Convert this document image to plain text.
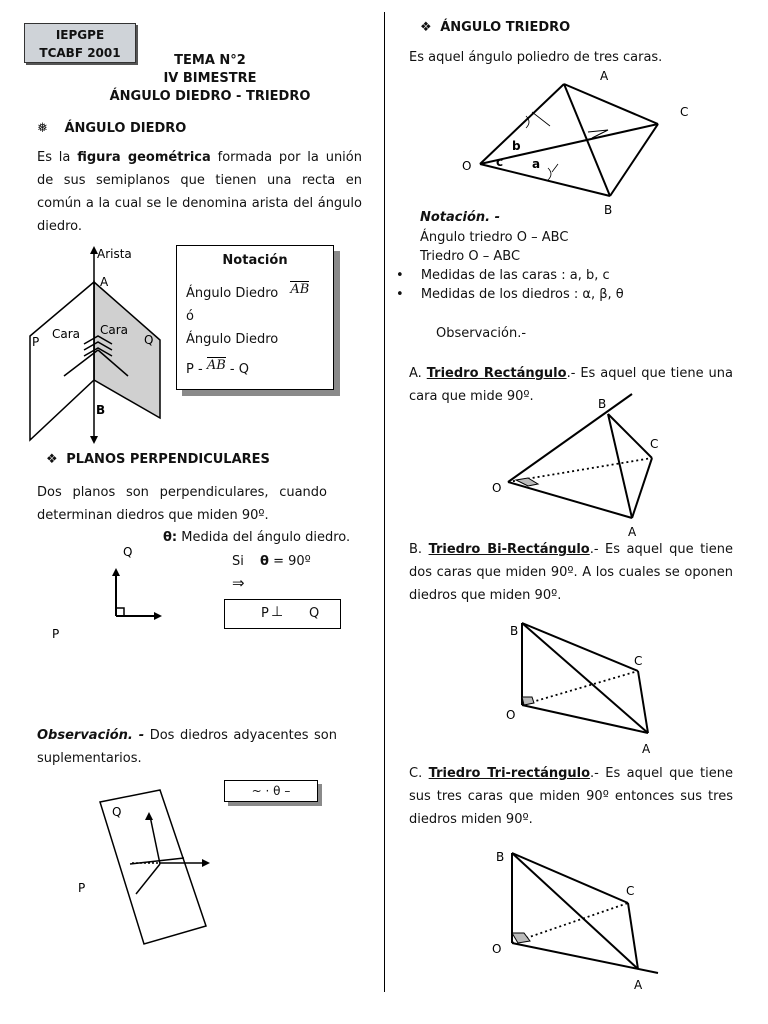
IEPGPE
TCABF 2001	TEMA N°2
IV BIMESTRE
ÁNGULO DIEDRO - TRIEDRO
❅ ÁNGULO DIEDRO
Es la figura geométrica formada por la unión de sus semiplanos que tienen una recta en común a la cual se le denomina arista del ángulo diedro.
Arista
A
B
P	Q
Cara Cara
Notación
Ángulo Diedro AB
ó
Ángulo Diedro
P - AB - Q
❖ PLANOS PERPENDICULARES
Dos planos son perpendiculares, cuando determinan diedros que miden 90º.
θ: Medida del ángulo diedro.
Si θ = 90º
⇒
P ⊥ Q
Q
P
Observación. - Dos diedros adyacentes son suplementarios.
~ · θ –
Q
P
❖ ÁNGULO TRIEDRO
Es aquel ángulo poliedro de tres caras.
A
C
B
O	a
b
c
Notación. -
Ángulo triedro O – ABC
Triedro O – ABC
• Medidas de las caras : a, b, c
• Medidas de los diedros : α, β, θ
Observación.-
A. Triedro Rectángulo.- Es aquel que tiene una cara que mide 90º.	B
C
O
A
B. Triedro Bi-Rectángulo.- Es aquel que tiene dos caras que miden 90º. A los cuales se oponen diedros que miden 90º.
B
C
O
A
C. Triedro Tri-rectángulo.- Es aquel que tiene sus tres caras que miden 90º entonces sus tres diedros miden 90º.
B
C
O
A
